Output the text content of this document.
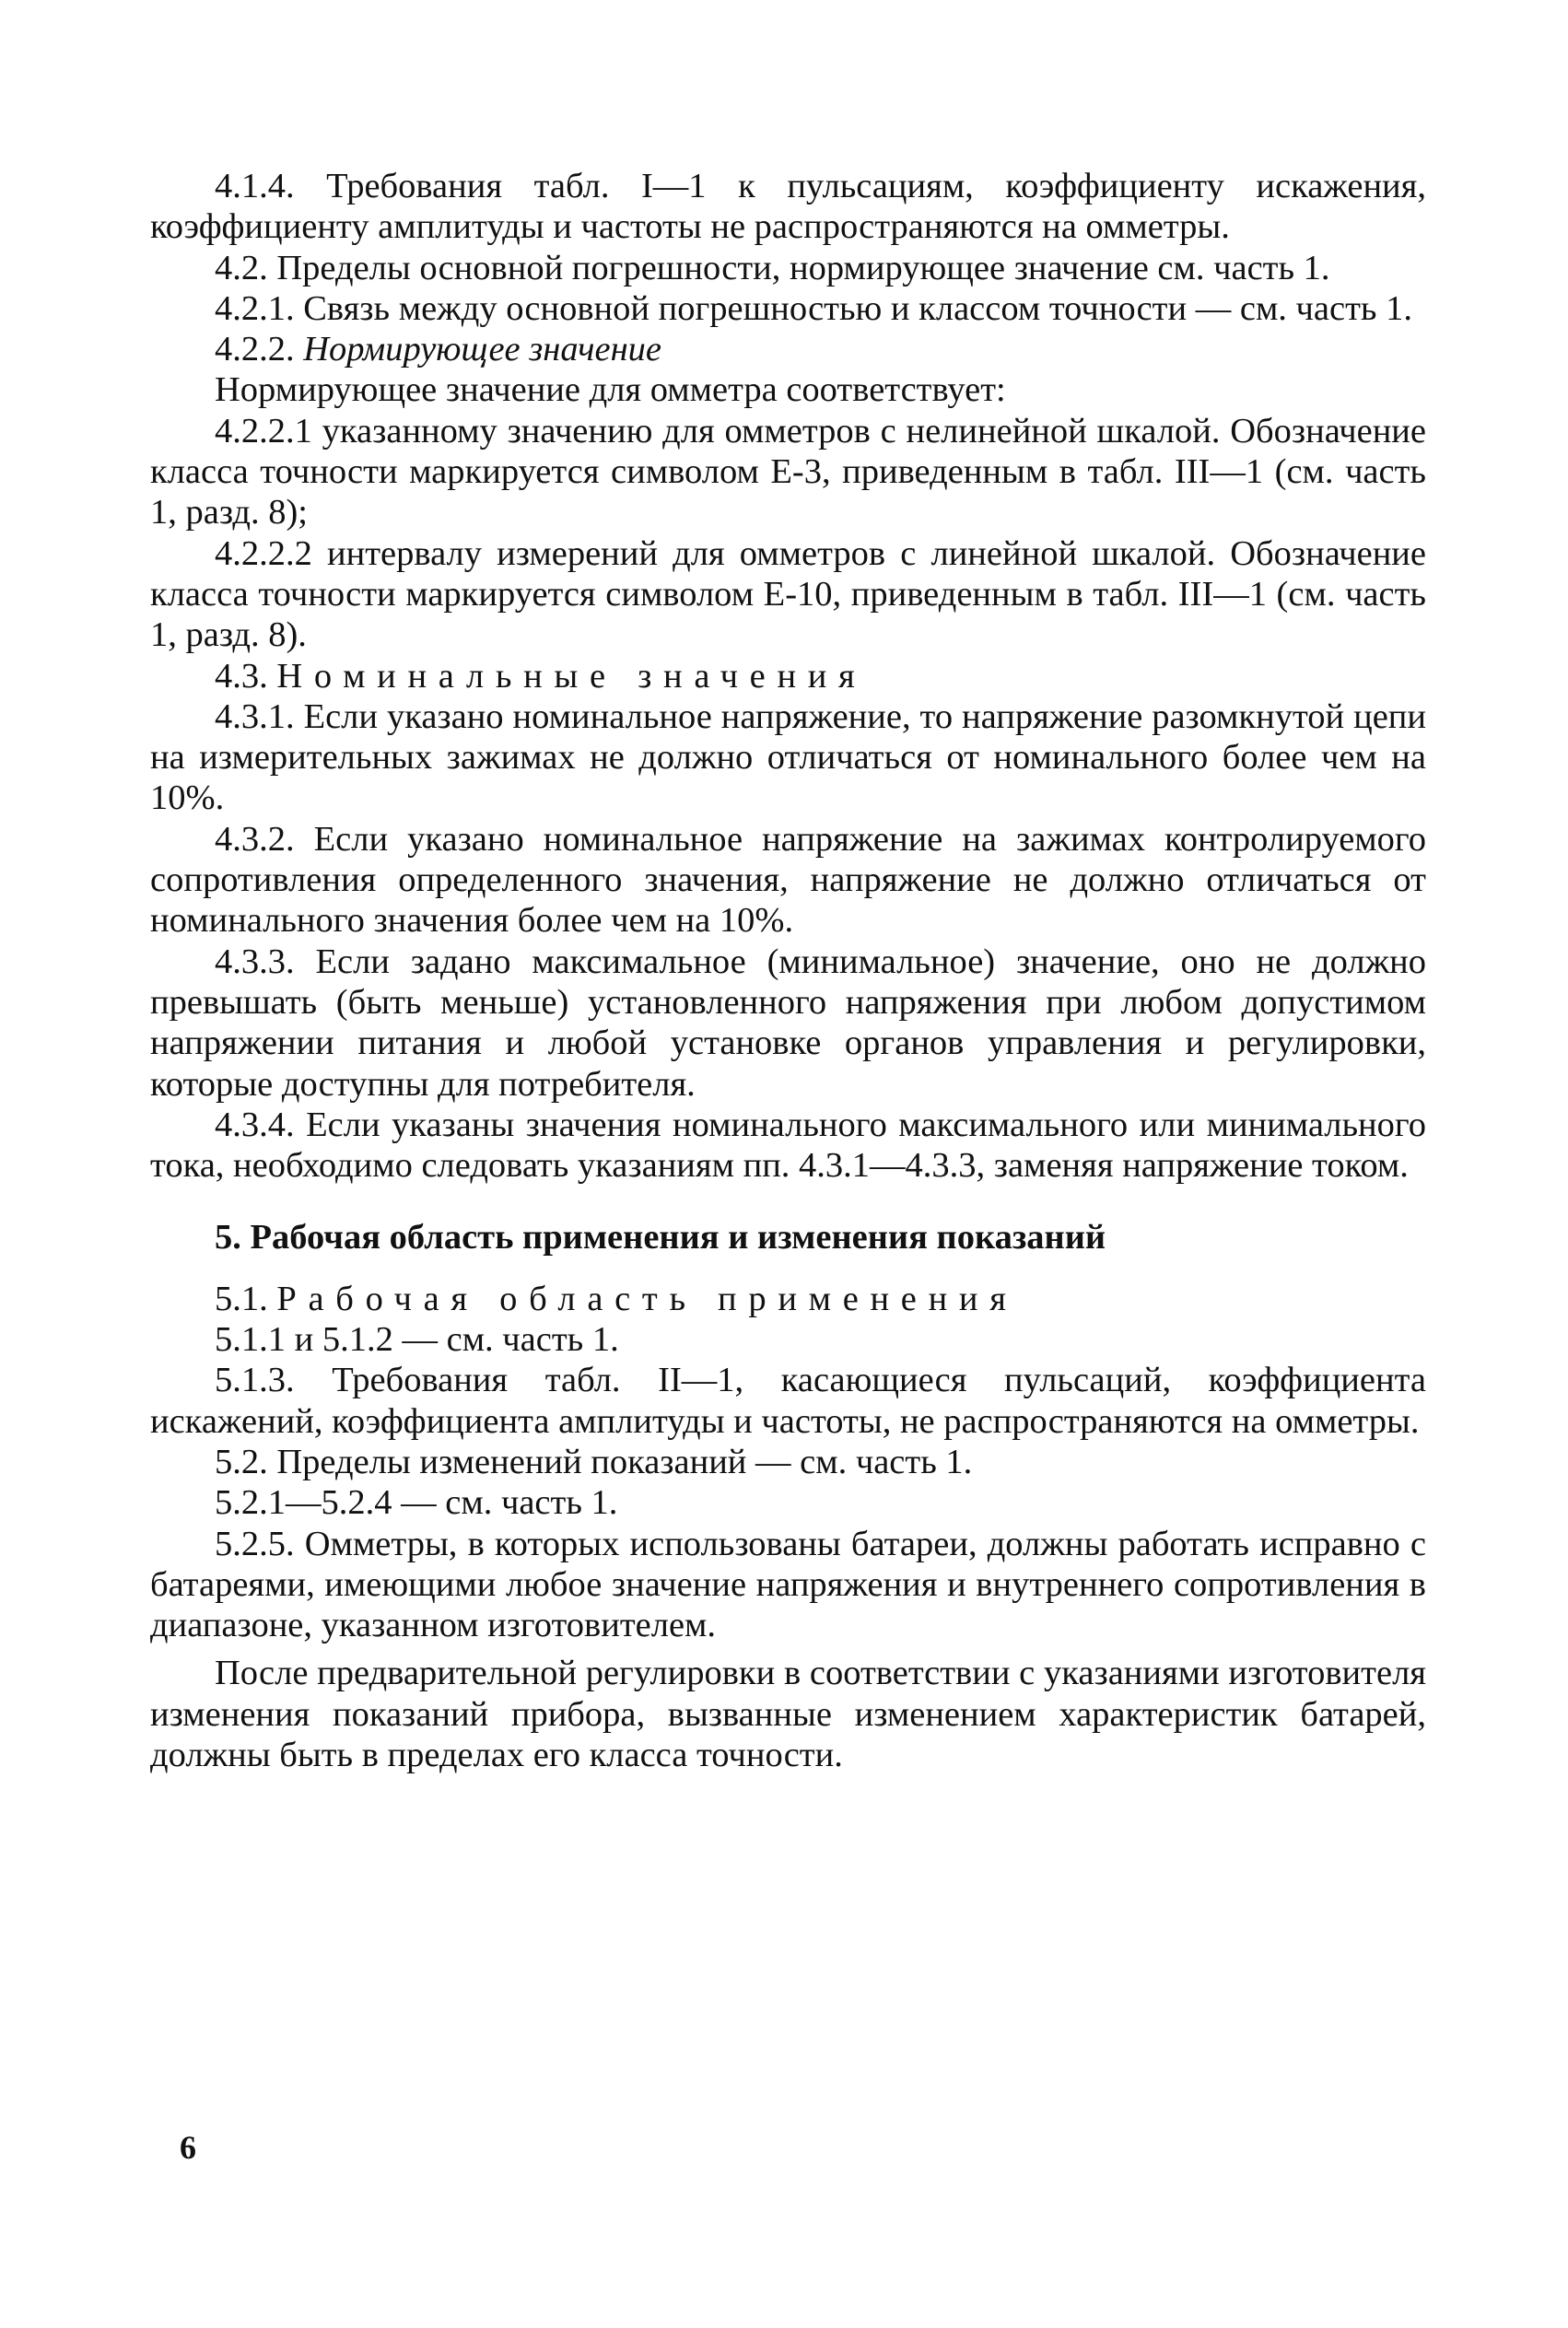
4.1.4. Требования табл. I—1 к пульсациям, коэффициенту искажения, коэффициенту амплитуды и частоты не распространяются на омметры.

4.2. Пределы основной погрешности, нормирующее значение см. часть 1.

4.2.1. Связь между основной погрешностью и классом точности — см. часть 1.

4.2.2. Нормирующее значение

Нормирующее значение для омметра соответствует:

4.2.2.1 указанному значению для омметров с нелинейной шкалой. Обозначение класса точности маркируется символом Е-3, приведенным в табл. III—1 (см. часть 1, разд. 8);

4.2.2.2 интервалу измерений для омметров с линейной шкалой. Обозначение класса точности маркируется символом Е-10, приведенным в табл. III—1 (см. часть 1, разд. 8).

4.3. Номинальные значения

4.3.1. Если указано номинальное напряжение, то напряжение разомкнутой цепи на измерительных зажимах не должно отличаться от номинального более чем на 10%.

4.3.2. Если указано номинальное напряжение на зажимах контролируемого сопротивления определенного значения, напряжение не должно отличаться от номинального значения более чем на 10%.

4.3.3. Если задано максимальное (минимальное) значение, оно не должно превышать (быть меньше) установленного напряжения при любом допустимом напряжении питания и любой установке органов управления и регулировки, которые доступны для потребителя.

4.3.4. Если указаны значения номинального максимального или минимального тока, необходимо следовать указаниям пп. 4.3.1—4.3.3, заменяя напряжение током.

5. Рабочая область применения и изменения показаний

5.1. Рабочая область применения

5.1.1 и 5.1.2 — см. часть 1.

5.1.3. Требования табл. II—1, касающиеся пульсаций, коэффициента искажений, коэффициента амплитуды и частоты, не распространяются на омметры.

5.2. Пределы изменений показаний — см. часть 1.

5.2.1—5.2.4 — см. часть 1.

5.2.5. Омметры, в которых использованы батареи, должны работать исправно с батареями, имеющими любое значение напряжения и внутреннего сопротивления в диапазоне, указанном изготовителем.

После предварительной регулировки в соответствии с указаниями изготовителя изменения показаний прибора, вызванные изменением характеристик батарей, должны быть в пределах его класса точности.

6
